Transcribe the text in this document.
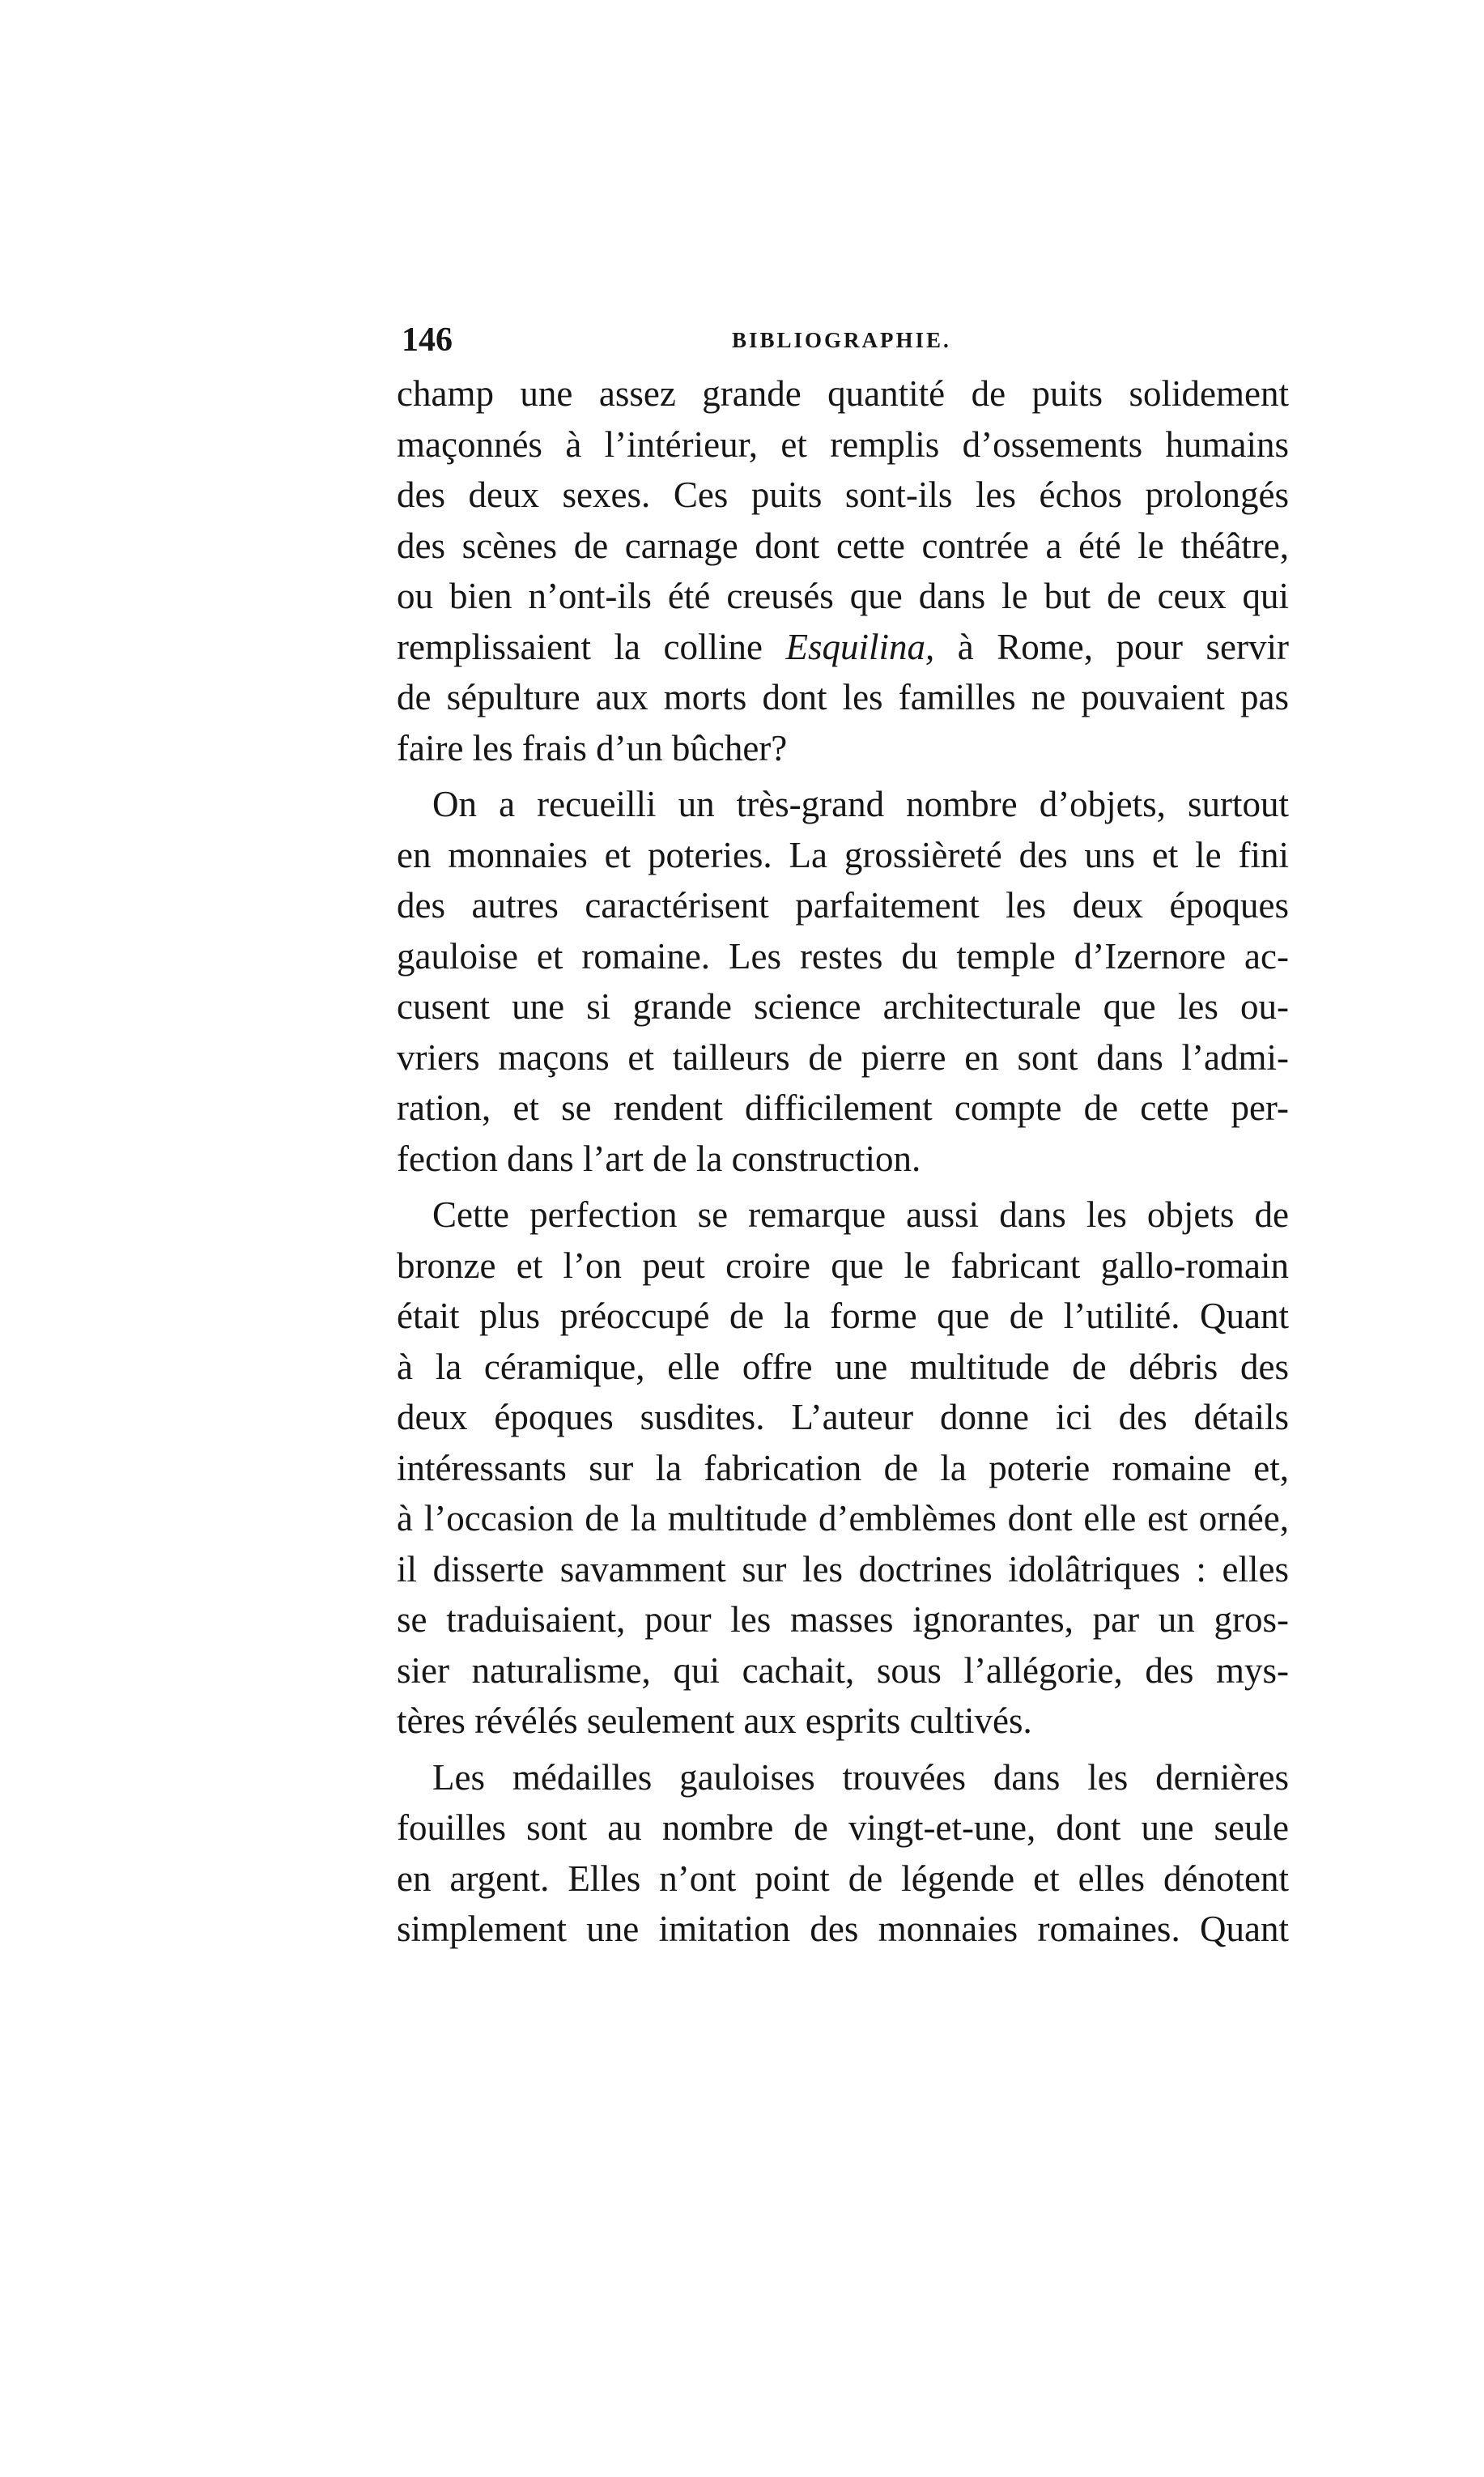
146	BIBLIOGRAPHIE.
champ une assez grande quantité de puits solidement
maçonnés à l’intérieur, et remplis d’ossements humains
des deux sexes. Ces puits sont-ils les échos prolongés
des scènes de carnage dont cette contrée a été le théâtre,
ou bien n’ont-ils été creusés que dans le but de ceux qui
remplissaient la colline Esquilina, à Rome, pour servir
de sépulture aux morts dont les familles ne pouvaient pas
faire les frais d’un bûcher?
On a recueilli un très-grand nombre d’objets, surtout
en monnaies et poteries. La grossièreté des uns et le fini
des autres caractérisent parfaitement les deux époques
gauloise et romaine. Les restes du temple d’Izernore ac-
cusent une si grande science architecturale que les ou-
vriers maçons et tailleurs de pierre en sont dans l’admi-
ration, et se rendent difficilement compte de cette per-
fection dans l’art de la construction.
Cette perfection se remarque aussi dans les objets de
bronze et l’on peut croire que le fabricant gallo-romain
était plus préoccupé de la forme que de l’utilité. Quant
à la céramique, elle offre une multitude de débris des
deux époques susdites. L’auteur donne ici des détails
intéressants sur la fabrication de la poterie romaine et,
à l’occasion de la multitude d’emblèmes dont elle est ornée,
il disserte savamment sur les doctrines idolâtriques : elles
se traduisaient, pour les masses ignorantes, par un gros-
sier naturalisme, qui cachait, sous l’allégorie, des mys-
tères révélés seulement aux esprits cultivés.
Les médailles gauloises trouvées dans les dernières
fouilles sont au nombre de vingt-et-une, dont une seule
en argent. Elles n’ont point de légende et elles dénotent
simplement une imitation des monnaies romaines. Quant
